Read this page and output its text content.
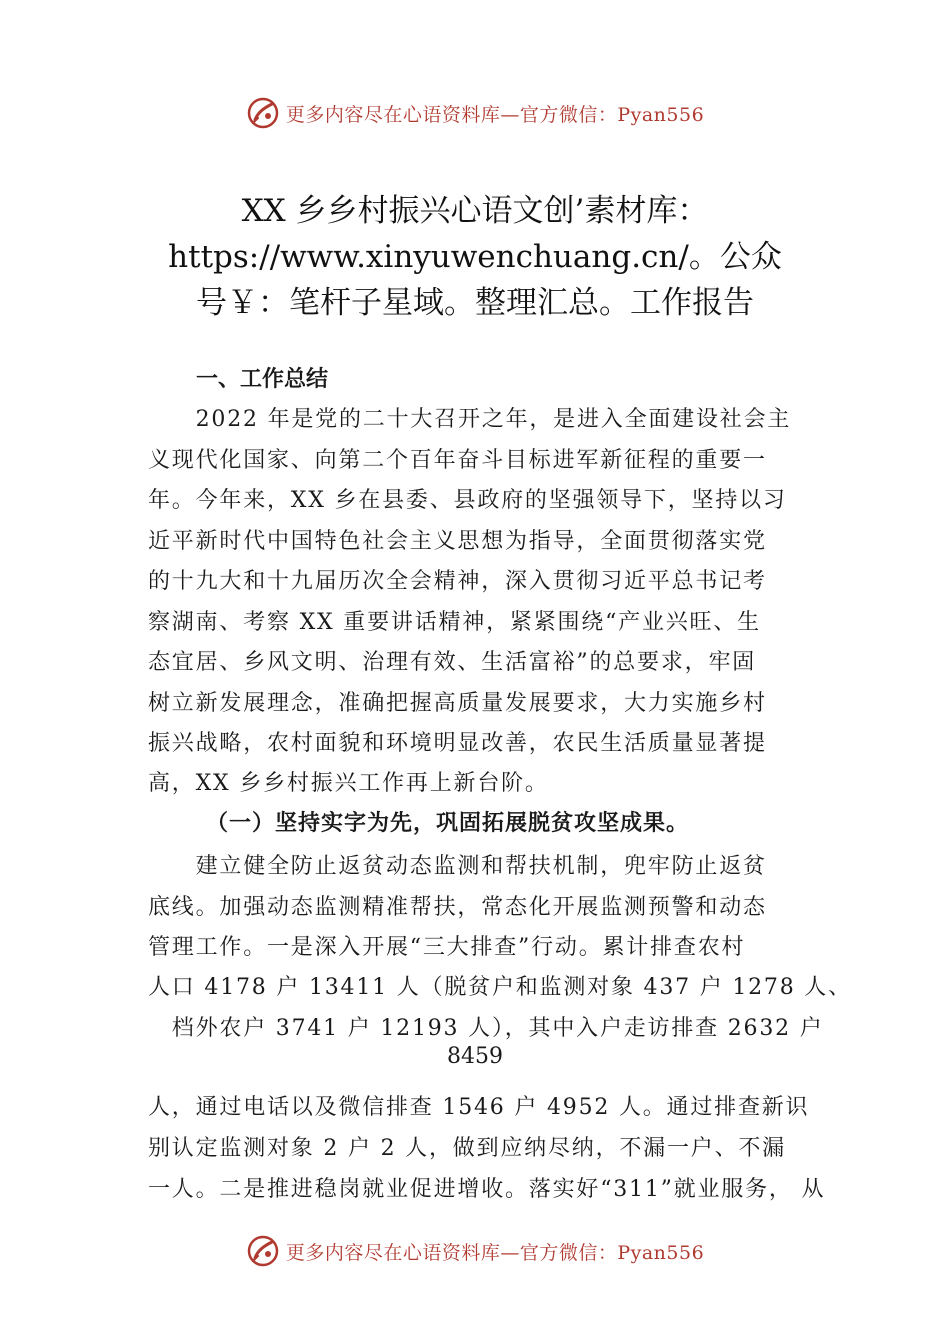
更多内容尽在心语资料库—官方微信：Pyan556
XX 乡乡村振兴心语文创’素材库：
https://www.xinyuwenchuang.cn/。公众
号￥：笔杆子星域。整理汇总。工作报告
一、工作总结
　　2022 年是党的二十大召开之年，是进入全面建设社会主
义现代化国家、向第二个百年奋斗目标进军新征程的重要一
年。今年来，XX 乡在县委、县政府的坚强领导下，坚持以习
近平新时代中国特色社会主义思想为指导，全面贯彻落实党
的十九大和十九届历次全会精神，深入贯彻习近平总书记考
察湖南、考察 XX 重要讲话精神，紧紧围绕“产业兴旺、生
态宜居、乡风文明、治理有效、生活富裕”的总要求，牢固
树立新发展理念，准确把握高质量发展要求，大力实施乡村
振兴战略，农村面貌和环境明显改善，农民生活质量显著提
高，XX 乡乡村振兴工作再上新台阶。
（一）坚持实字为先，巩固拓展脱贫攻坚成果。
　　建立健全防止返贫动态监测和帮扶机制，兜牢防止返贫
底线。加强动态监测精准帮扶，常态化开展监测预警和动态
管理工作。一是深入开展“三大排查”行动。累计排查农村
人口 4178 户 13411 人（脱贫户和监测对象 437 户 1278 人、
　档外农户 3741 户 12193 人），其中入户走访排查 2632 户
8459
人，通过电话以及微信排查 1546 户 4952 人。通过排查新识
别认定监测对象 2 户 2 人，做到应纳尽纳，不漏一户、不漏
一人。二是推进稳岗就业促进增收。落实好“311”就业服务， 从
更多内容尽在心语资料库—官方微信：Pyan556
